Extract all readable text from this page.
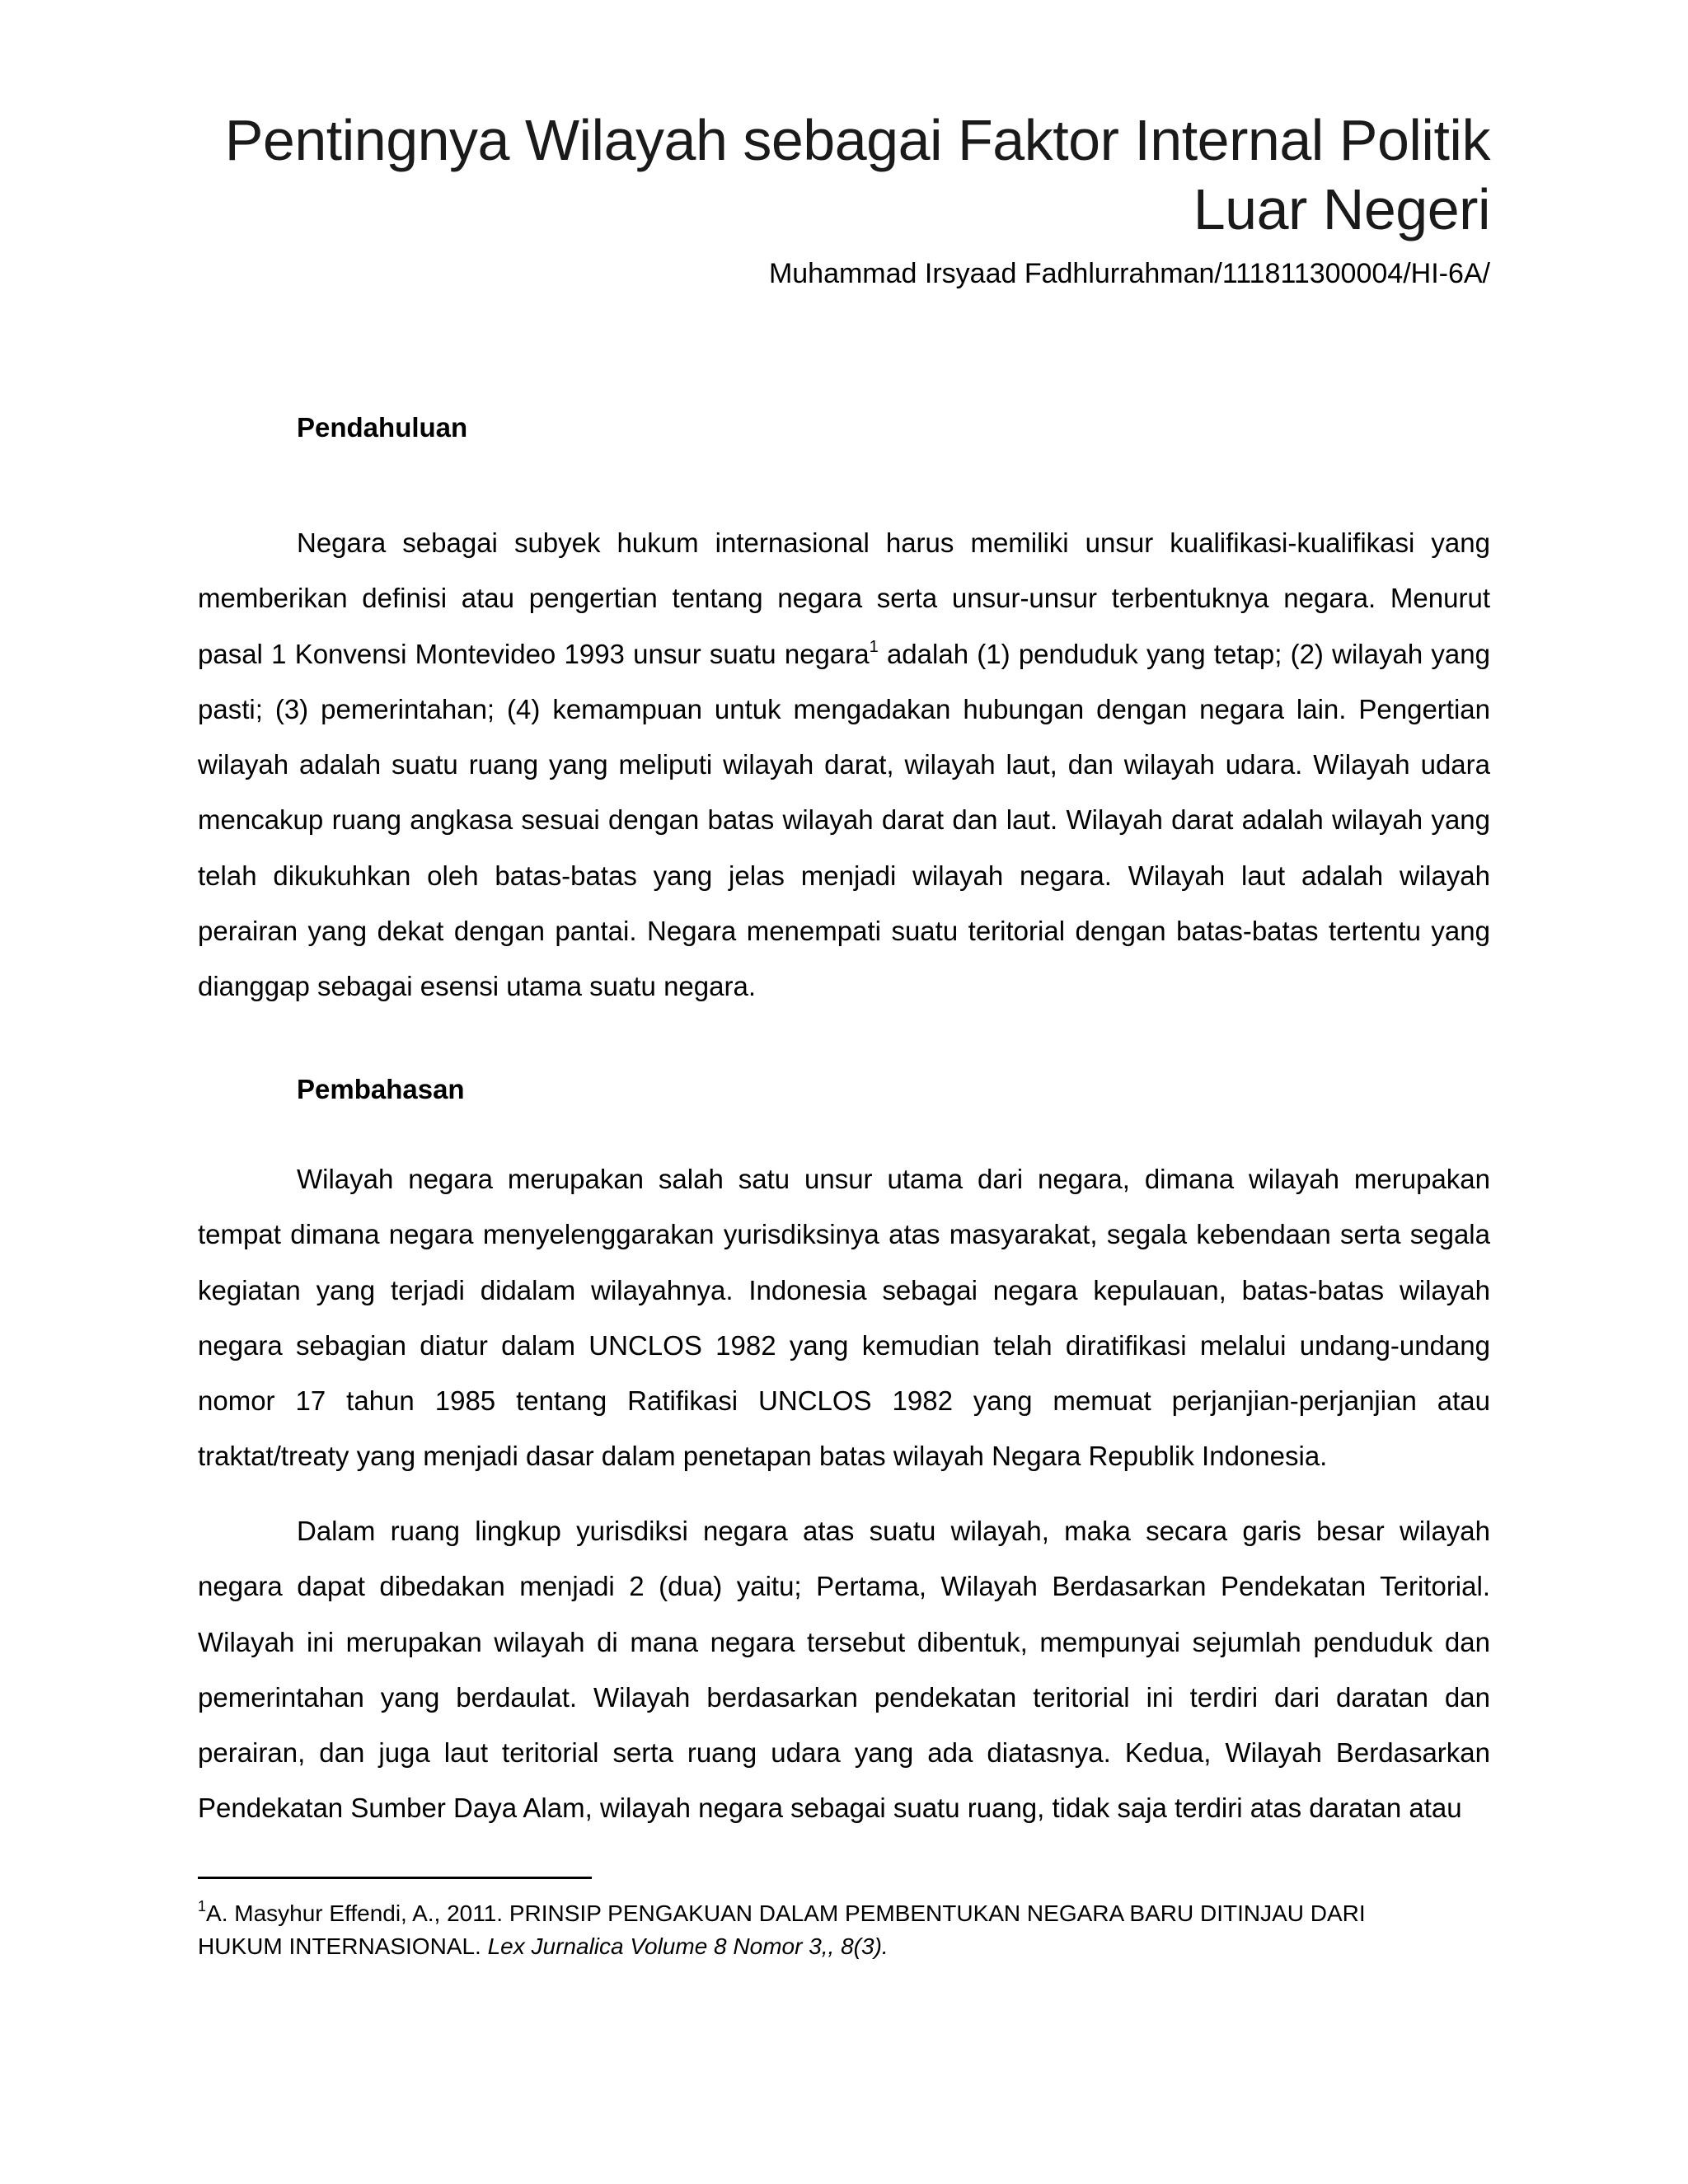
Pentingnya Wilayah sebagai Faktor Internal Politik
Luar Negeri

Muhammad Irsyaad Fadhlurrahman/111811300004/HI-6A/

Pendahuluan

Negara sebagai subyek hukum internasional harus memiliki unsur kualifikasi-kualifikasi yang memberikan definisi atau pengertian tentang negara serta unsur-unsur terbentuknya negara. Menurut pasal 1 Konvensi Montevideo 1993 unsur suatu negara$^1$ adalah (1) penduduk yang tetap; (2) wilayah yang pasti; (3) pemerintahan; (4) kemampuan untuk mengadakan hubungan dengan negara lain. Pengertian wilayah adalah suatu ruang yang meliputi wilayah darat, wilayah laut, dan wilayah udara. Wilayah udara mencakup ruang angkasa sesuai dengan batas wilayah darat dan laut. Wilayah darat adalah wilayah yang telah dikukuhkan oleh batas-batas yang jelas menjadi wilayah negara. Wilayah laut adalah wilayah perairan yang dekat dengan pantai. Negara menempati suatu teritorial dengan batas-batas tertentu yang dianggap sebagai esensi utama suatu negara.

Pembahasan

Wilayah negara merupakan salah satu unsur utama dari negara, dimana wilayah merupakan tempat dimana negara menyelenggarakan yurisdiksinya atas masyarakat, segala kebendaan serta segala kegiatan yang terjadi didalam wilayahnya. Indonesia sebagai negara kepulauan, batas-batas wilayah negara sebagian diatur dalam UNCLOS 1982 yang kemudian telah diratifikasi melalui undang-undang nomor 17 tahun 1985 tentang Ratifikasi UNCLOS 1982 yang memuat perjanjian-perjanjian atau traktat/treaty yang menjadi dasar dalam penetapan batas wilayah Negara Republik Indonesia.

Dalam ruang lingkup yurisdiksi negara atas suatu wilayah, maka secara garis besar wilayah negara dapat dibedakan menjadi 2 (dua) yaitu; Pertama, Wilayah Berdasarkan Pendekatan Teritorial. Wilayah ini merupakan wilayah di mana negara tersebut dibentuk, mempunyai sejumlah penduduk dan pemerintahan yang berdaulat. Wilayah berdasarkan pendekatan teritorial ini terdiri dari daratan dan perairan, dan juga laut teritorial serta ruang udara yang ada diatasnya. Kedua, Wilayah Berdasarkan Pendekatan Sumber Daya Alam, wilayah negara sebagai suatu ruang, tidak saja terdiri atas daratan atau

$^1$A. Masyhur Effendi, A., 2011. PRINSIP PENGAKUAN DALAM PEMBENTUKAN NEGARA BARU DITINJAU DARI HUKUM INTERNASIONAL. Lex Jurnalica Volume 8 Nomor 3,, 8(3).
